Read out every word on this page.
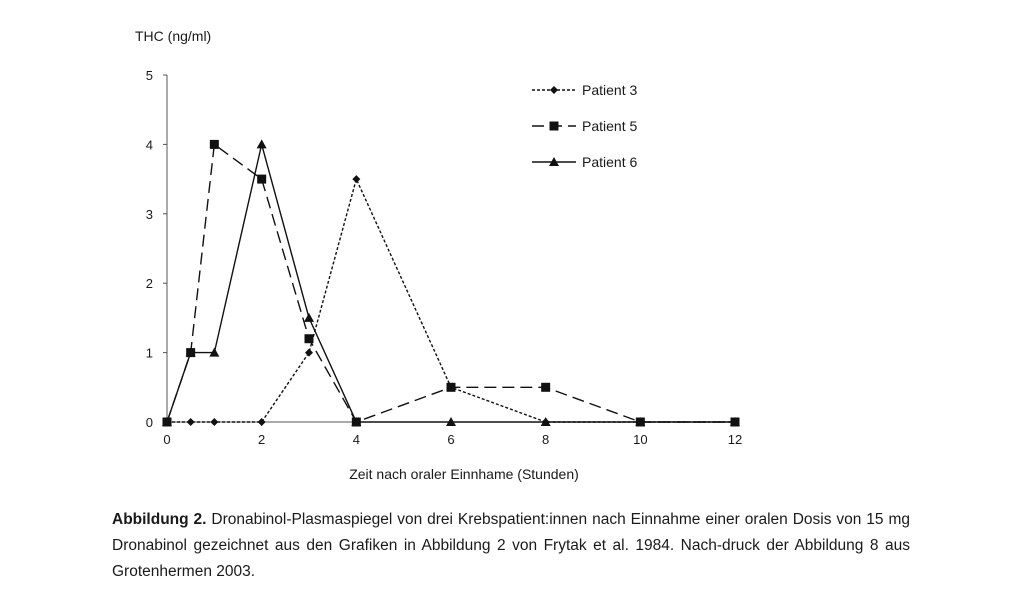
THC (ng/ml)
Zeit nach oraler Einnhame (Stunden)
0
1
2
3
4
5
0	2	4	6	8	10	12
Patient 3
Patient 5
Patient 6
Abbildung 2. Dronabinol-Plasmaspiegel von drei Krebspatient:innen nach Einnahme einer oralen Dosis von 15 mg Dronabinol gezeichnet aus den Grafiken in Abbildung 2 von Frytak et al. 1984. Nach-druck der Abbildung 8 aus Grotenhermen 2003.
